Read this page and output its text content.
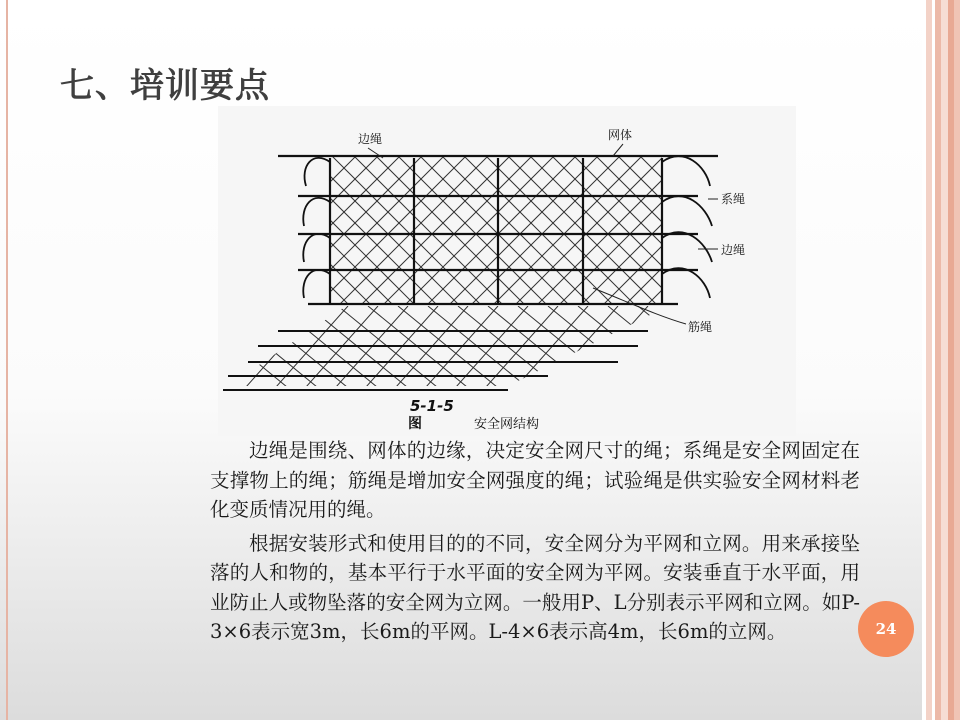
七、培训要点
边绳	网体
系绳
边绳
筋绳
5-1-5
图	安全网结构

边绳是围绕、网体的边缘，决定安全网尺寸的绳；系绳是安全网固定在支撑物上的绳；筋绳是增加安全网强度的绳；试验绳是供实验安全网材料老化变质情况用的绳。

根据安装形式和使用目的的不同，安全网分为平网和立网。用来承接坠落的人和物的，基本平行于水平面的安全网为平网。安装垂直于水平面，用业防止人或物坠落的安全网为立网。一般用P、L分别表示平网和立网。如P-3×6表示宽3m，长6m的平网。L-4×6表示高4m，长6m的立网。	24
